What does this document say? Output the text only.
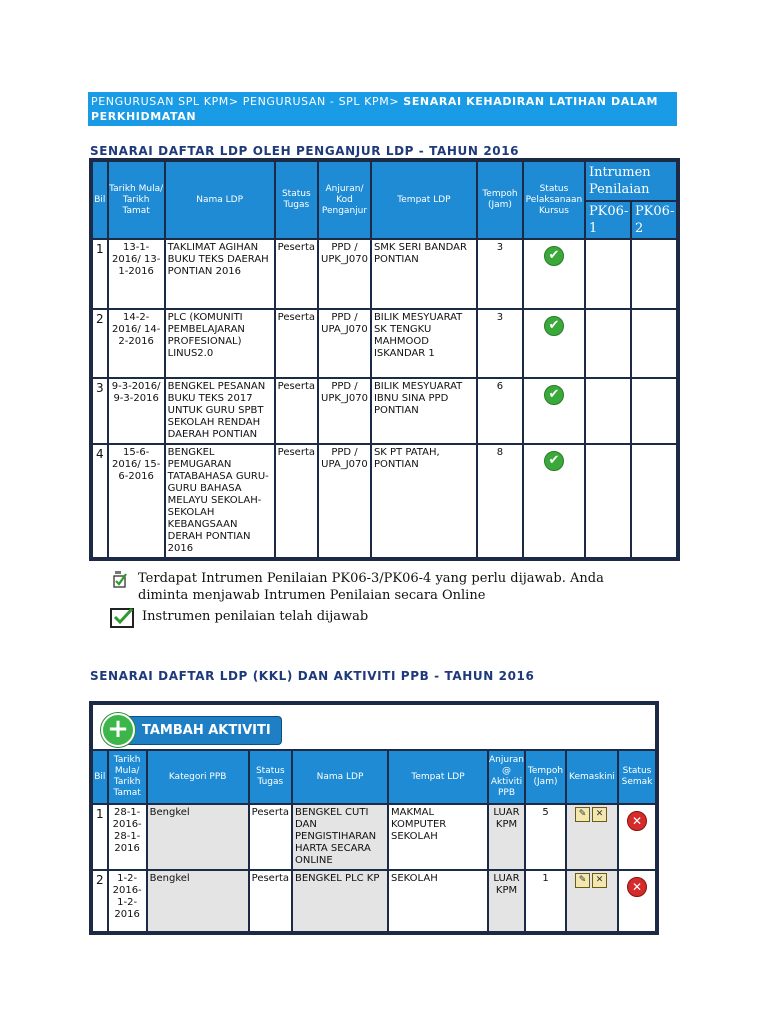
PENGURUSAN SPL KPM> PENGURUSAN - SPL KPM> SENARAI KEHADIRAN LATIHAN DALAM PERKHIDMATAN
SENARAI DAFTAR LDP OLEH PENGANJUR LDP - TAHUN 2016
Bil	Tarikh Mula/ Tarikh Tamat	Nama LDP	Status Tugas	Anjuran/ Kod Penganjur	Tempat LDP	Tempoh (Jam)	Status Pelaksanaan Kursus	Intrumen Penilaian	
								PK06-1	PK06-2
1	13-1-2016/ 13-1-2016	TAKLIMAT AGIHAN BUKU TEKS DAERAH PONTIAN 2016	Peserta	PPD / UPK_J070	SMK SERI BANDAR PONTIAN	3	✔		
2	14-2-2016/ 14-2-2016	PLC (KOMUNITI PEMBELAJARAN PROFESIONAL) LINUS2.0	Peserta	PPD / UPA_J070	BILIK MESYUARAT SK TENGKU MAHMOOD ISKANDAR 1	3	✔		
3	9-3-2016/ 9-3-2016	BENGKEL PESANAN BUKU TEKS 2017 UNTUK GURU SPBT SEKOLAH RENDAH DAERAH PONTIAN	Peserta	PPD / UPK_J070	BILIK MESYUARAT IBNU SINA PPD PONTIAN	6	✔		
4	15-6-2016/ 15-6-2016	BENGKEL PEMUGARAN TATABAHASA GURU-GURU BAHASA MELAYU SEKOLAH-SEKOLAH KEBANGSAAN DERAH PONTIAN 2016	Peserta	PPD / UPA_J070	SK PT PATAH, PONTIAN	8	✔		
Terdapat Intrumen Penilaian PK06-3/PK06-4 yang perlu dijawab. Anda diminta menjawab Intrumen Penilaian secara Online
Instrumen penilaian telah dijawab
SENARAI DAFTAR LDP (KKL) DAN AKTIVITI PPB - TAHUN 2016
+ TAMBAH AKTIVITI									

Bil	Tarikh Mula/ Tarikh Tamat	Kategori PPB	Status Tugas	Nama LDP	Tempat LDP	Anjuran @ Aktiviti PPB	Tempoh (Jam)	Kemaskini	Status Semak
1	28-1-2016-28-1-2016	Bengkel	Peserta	BENGKEL CUTI DAN PENGISTIHARAN HARTA SECARA ONLINE	MAKMAL KOMPUTER SEKOLAH	LUAR KPM	5	✎ ✕	✕
2	1-2-2016-1-2-2016	Bengkel	Peserta	BENGKEL PLC KP	SEKOLAH	LUAR KPM	1	✎ ✕	✕
